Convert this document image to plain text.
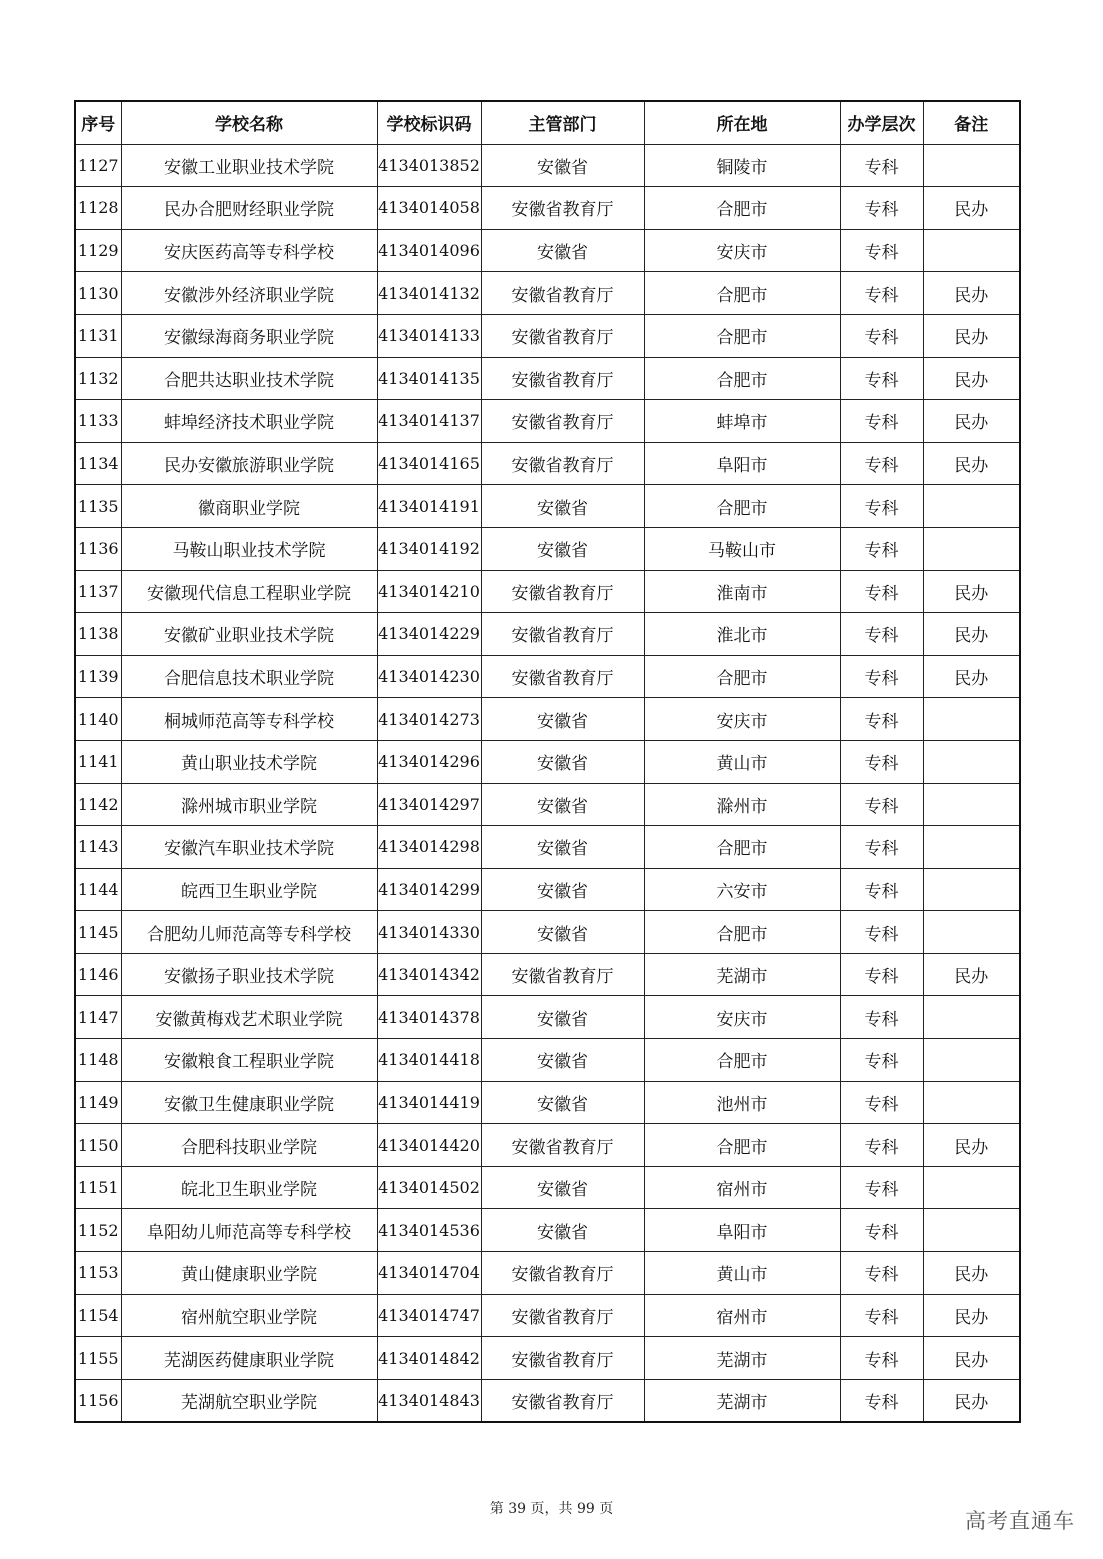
序号	学校名称	学校标识码	主管部门	所在地	办学层次	备注
1127	安徽工业职业技术学院	4134013852	安徽省	铜陵市	专科	
1128	民办合肥财经职业学院	4134014058	安徽省教育厅	合肥市	专科	民办
1129	安庆医药高等专科学校	4134014096	安徽省	安庆市	专科	
1130	安徽涉外经济职业学院	4134014132	安徽省教育厅	合肥市	专科	民办
1131	安徽绿海商务职业学院	4134014133	安徽省教育厅	合肥市	专科	民办
1132	合肥共达职业技术学院	4134014135	安徽省教育厅	合肥市	专科	民办
1133	蚌埠经济技术职业学院	4134014137	安徽省教育厅	蚌埠市	专科	民办
1134	民办安徽旅游职业学院	4134014165	安徽省教育厅	阜阳市	专科	民办
1135	徽商职业学院	4134014191	安徽省	合肥市	专科	
1136	马鞍山职业技术学院	4134014192	安徽省	马鞍山市	专科	
1137	安徽现代信息工程职业学院	4134014210	安徽省教育厅	淮南市	专科	民办
1138	安徽矿业职业技术学院	4134014229	安徽省教育厅	淮北市	专科	民办
1139	合肥信息技术职业学院	4134014230	安徽省教育厅	合肥市	专科	民办
1140	桐城师范高等专科学校	4134014273	安徽省	安庆市	专科	
1141	黄山职业技术学院	4134014296	安徽省	黄山市	专科	
1142	滁州城市职业学院	4134014297	安徽省	滁州市	专科	
1143	安徽汽车职业技术学院	4134014298	安徽省	合肥市	专科	
1144	皖西卫生职业学院	4134014299	安徽省	六安市	专科	
1145	合肥幼儿师范高等专科学校	4134014330	安徽省	合肥市	专科	
1146	安徽扬子职业技术学院	4134014342	安徽省教育厅	芜湖市	专科	民办
1147	安徽黄梅戏艺术职业学院	4134014378	安徽省	安庆市	专科	
1148	安徽粮食工程职业学院	4134014418	安徽省	合肥市	专科	
1149	安徽卫生健康职业学院	4134014419	安徽省	池州市	专科	
1150	合肥科技职业学院	4134014420	安徽省教育厅	合肥市	专科	民办
1151	皖北卫生职业学院	4134014502	安徽省	宿州市	专科	
1152	阜阳幼儿师范高等专科学校	4134014536	安徽省	阜阳市	专科	
1153	黄山健康职业学院	4134014704	安徽省教育厅	黄山市	专科	民办
1154	宿州航空职业学院	4134014747	安徽省教育厅	宿州市	专科	民办
1155	芜湖医药健康职业学院	4134014842	安徽省教育厅	芜湖市	专科	民办
1156	芜湖航空职业学院	4134014843	安徽省教育厅	芜湖市	专科	民办
第 39 页，共 99 页	高考直通车
